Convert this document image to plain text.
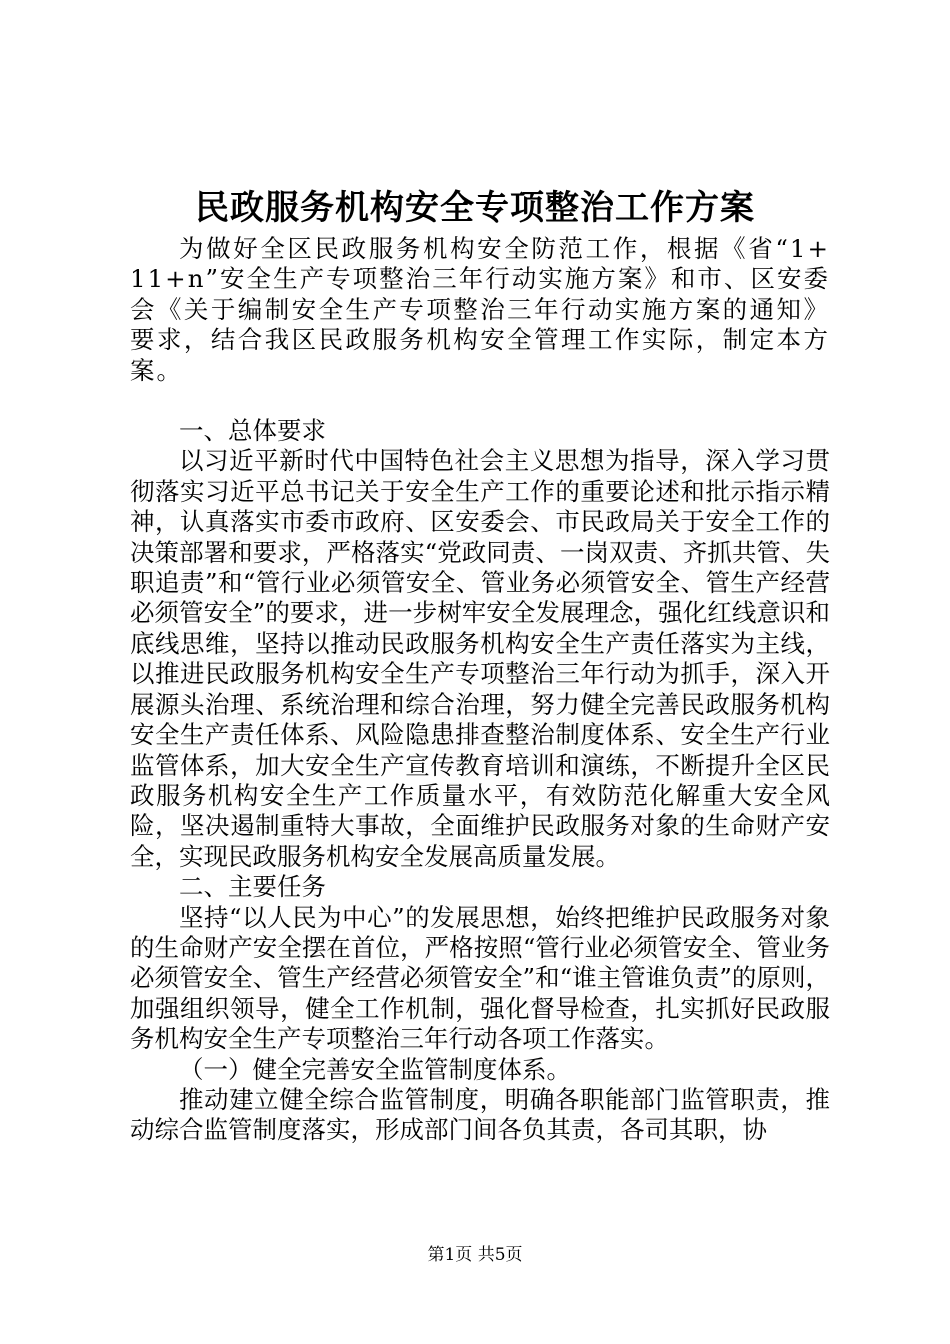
民政服务机构安全专项整治工作方案

为做好全区民政服务机构安全防范工作，根据《省“1+11+n”安全生产专项整治三年行动实施方案》和市、区安委会《关于编制安全生产专项整治三年行动实施方案的通知》要求，结合我区民政服务机构安全管理工作实际，制定本方案。

一、总体要求

以习近平新时代中国特色社会主义思想为指导，深入学习贯彻落实习近平总书记关于安全生产工作的重要论述和批示指示精神，认真落实市委市政府、区安委会、市民政局关于安全工作的决策部署和要求，严格落实“党政同责、一岗双责、齐抓共管、失职追责”和“管行业必须管安全、管业务必须管安全、管生产经营必须管安全”的要求，进一步树牢安全发展理念，强化红线意识和底线思维，坚持以推动民政服务机构安全生产责任落实为主线，以推进民政服务机构安全生产专项整治三年行动为抓手，深入开展源头治理、系统治理和综合治理，努力健全完善民政服务机构安全生产责任体系、风险隐患排查整治制度体系、安全生产行业监管体系，加大安全生产宣传教育培训和演练，不断提升全区民政服务机构安全生产工作质量水平，有效防范化解重大安全风险，坚决遏制重特大事故，全面维护民政服务对象的生命财产安全，实现民政服务机构安全发展高质量发展。

二、主要任务

坚持“以人民为中心”的发展思想，始终把维护民政服务对象的生命财产安全摆在首位，严格按照“管行业必须管安全、管业务必须管安全、管生产经营必须管安全”和“谁主管谁负责”的原则，加强组织领导，健全工作机制，强化督导检查，扎实抓好民政服务机构安全生产专项整治三年行动各项工作落实。

（一）健全完善安全监管制度体系。

推动建立健全综合监管制度，明确各职能部门监管职责，推动综合监管制度落实，形成部门间各负其责，各司其职，协

第1页 共5页
